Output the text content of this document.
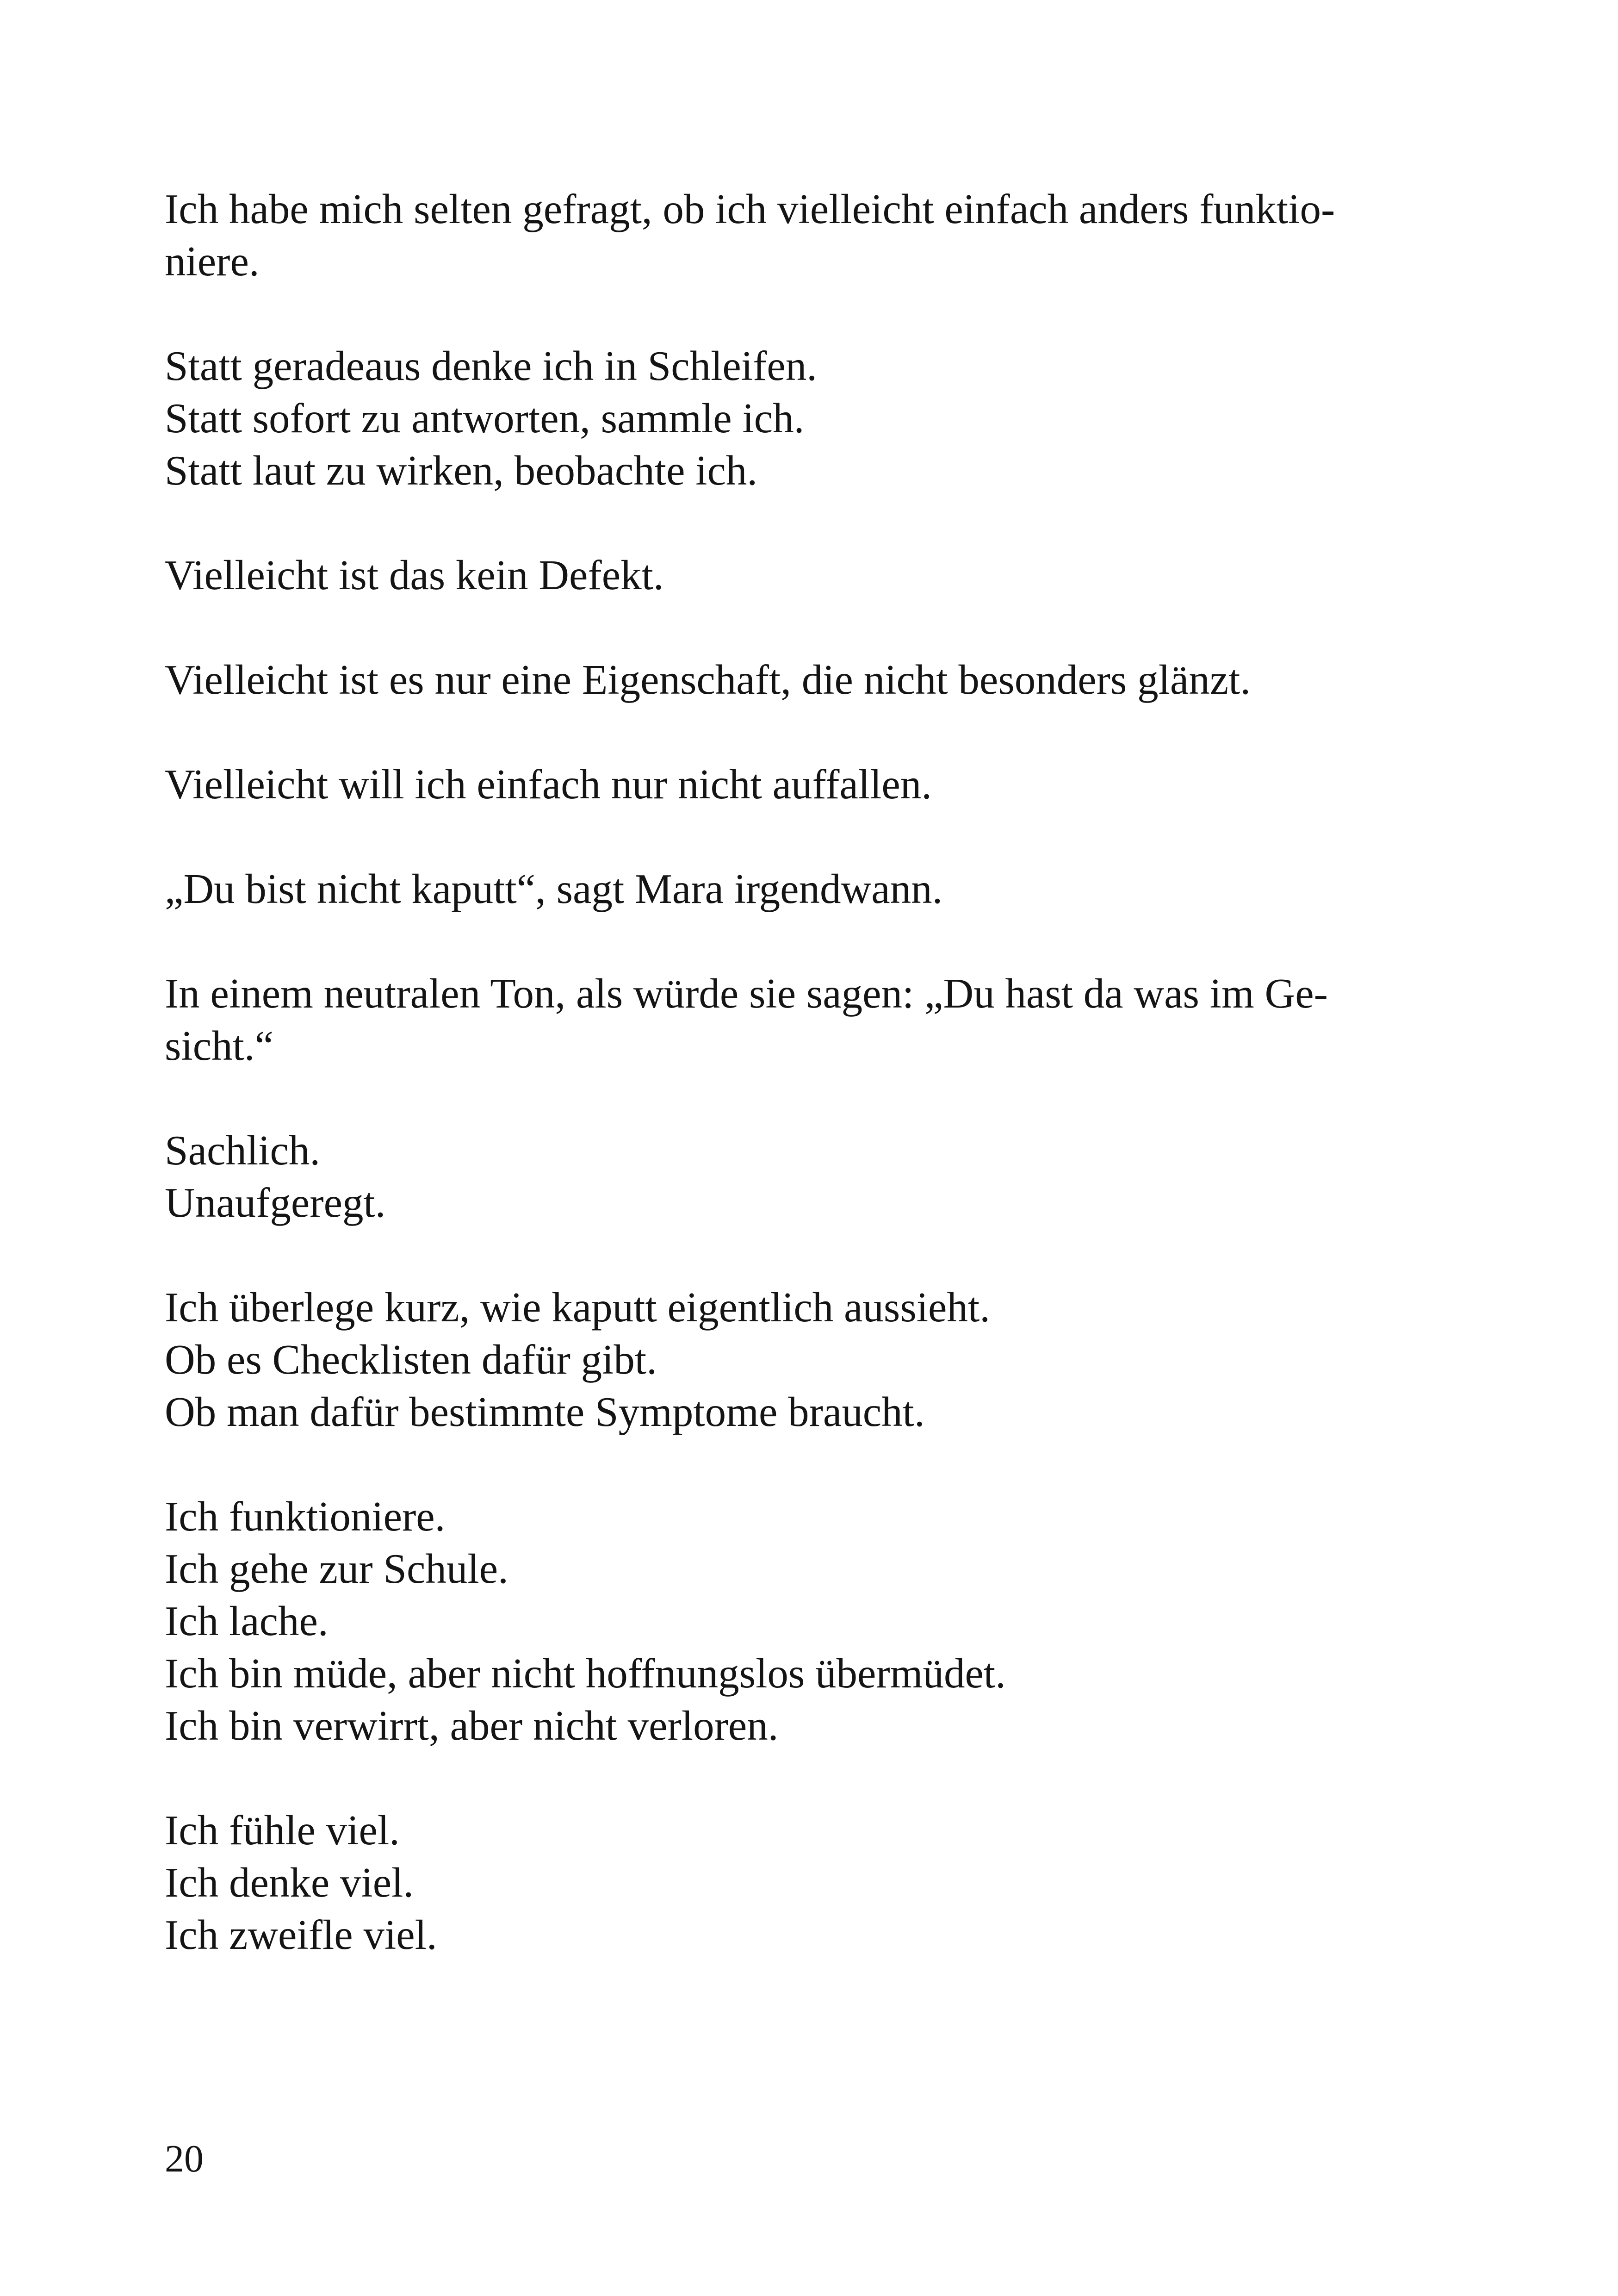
Ich habe mich selten gefragt, ob ich vielleicht einfach anders funktio-
niere.
Statt geradeaus denke ich in Schleifen.
Statt sofort zu antworten, sammle ich.
Statt laut zu wirken, beobachte ich.
Vielleicht ist das kein Defekt.
Vielleicht ist es nur eine Eigenschaft, die nicht besonders glänzt.
Vielleicht will ich einfach nur nicht auffallen.
„Du bist nicht kaputt“, sagt Mara irgendwann.
In einem neutralen Ton, als würde sie sagen: „Du hast da was im Ge-
sicht.“
Sachlich.
Unaufgeregt.
Ich überlege kurz, wie kaputt eigentlich aussieht.
Ob es Checklisten dafür gibt.
Ob man dafür bestimmte Symptome braucht.
Ich funktioniere.
Ich gehe zur Schule.
Ich lache.
Ich bin müde, aber nicht hoffnungslos übermüdet.
Ich bin verwirrt, aber nicht verloren.
Ich fühle viel.
Ich denke viel.
Ich zweifle viel.
20
